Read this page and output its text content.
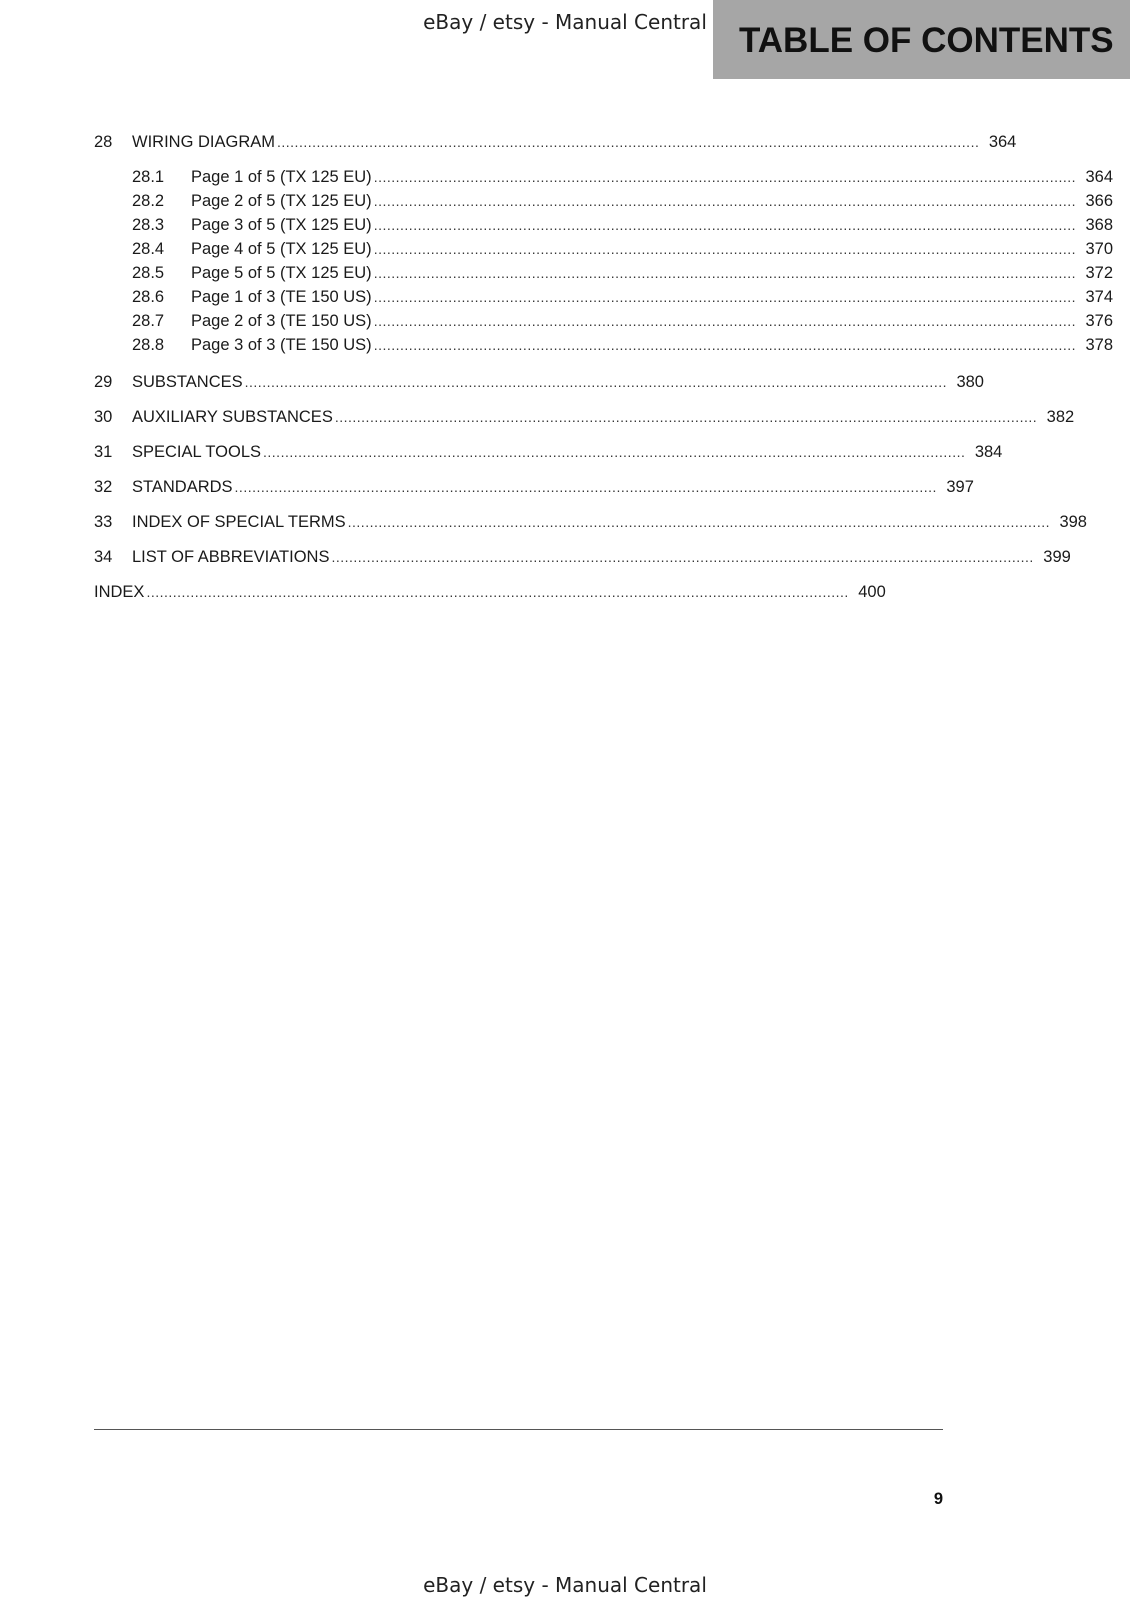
eBay / etsy - Manual Central TABLE OF CONTENTS
28	WIRING DIAGRAM ................................................................................................................................................................ 364
28.1	Page 1 of 5 (TX 125 EU) ................................................................................................................................................................ 364
28.2	Page 2 of 5 (TX 125 EU) ................................................................................................................................................................ 366
28.3	Page 3 of 5 (TX 125 EU) ................................................................................................................................................................ 368
28.4	Page 4 of 5 (TX 125 EU) ................................................................................................................................................................ 370
28.5	Page 5 of 5 (TX 125 EU) ................................................................................................................................................................ 372
28.6	Page 1 of 3 (TE 150 US) ................................................................................................................................................................ 374
28.7	Page 2 of 3 (TE 150 US) ................................................................................................................................................................ 376
28.8	Page 3 of 3 (TE 150 US) ................................................................................................................................................................ 378
29	SUBSTANCES ................................................................................................................................................................ 380
30	AUXILIARY SUBSTANCES ................................................................................................................................................................ 382
31	SPECIAL TOOLS ................................................................................................................................................................ 384
32	STANDARDS ................................................................................................................................................................ 397
33	INDEX OF SPECIAL TERMS ................................................................................................................................................................ 398
34	LIST OF ABBREVIATIONS ................................................................................................................................................................ 399
INDEX ................................................................................................................................................................ 400
9
eBay / etsy - Manual Central
